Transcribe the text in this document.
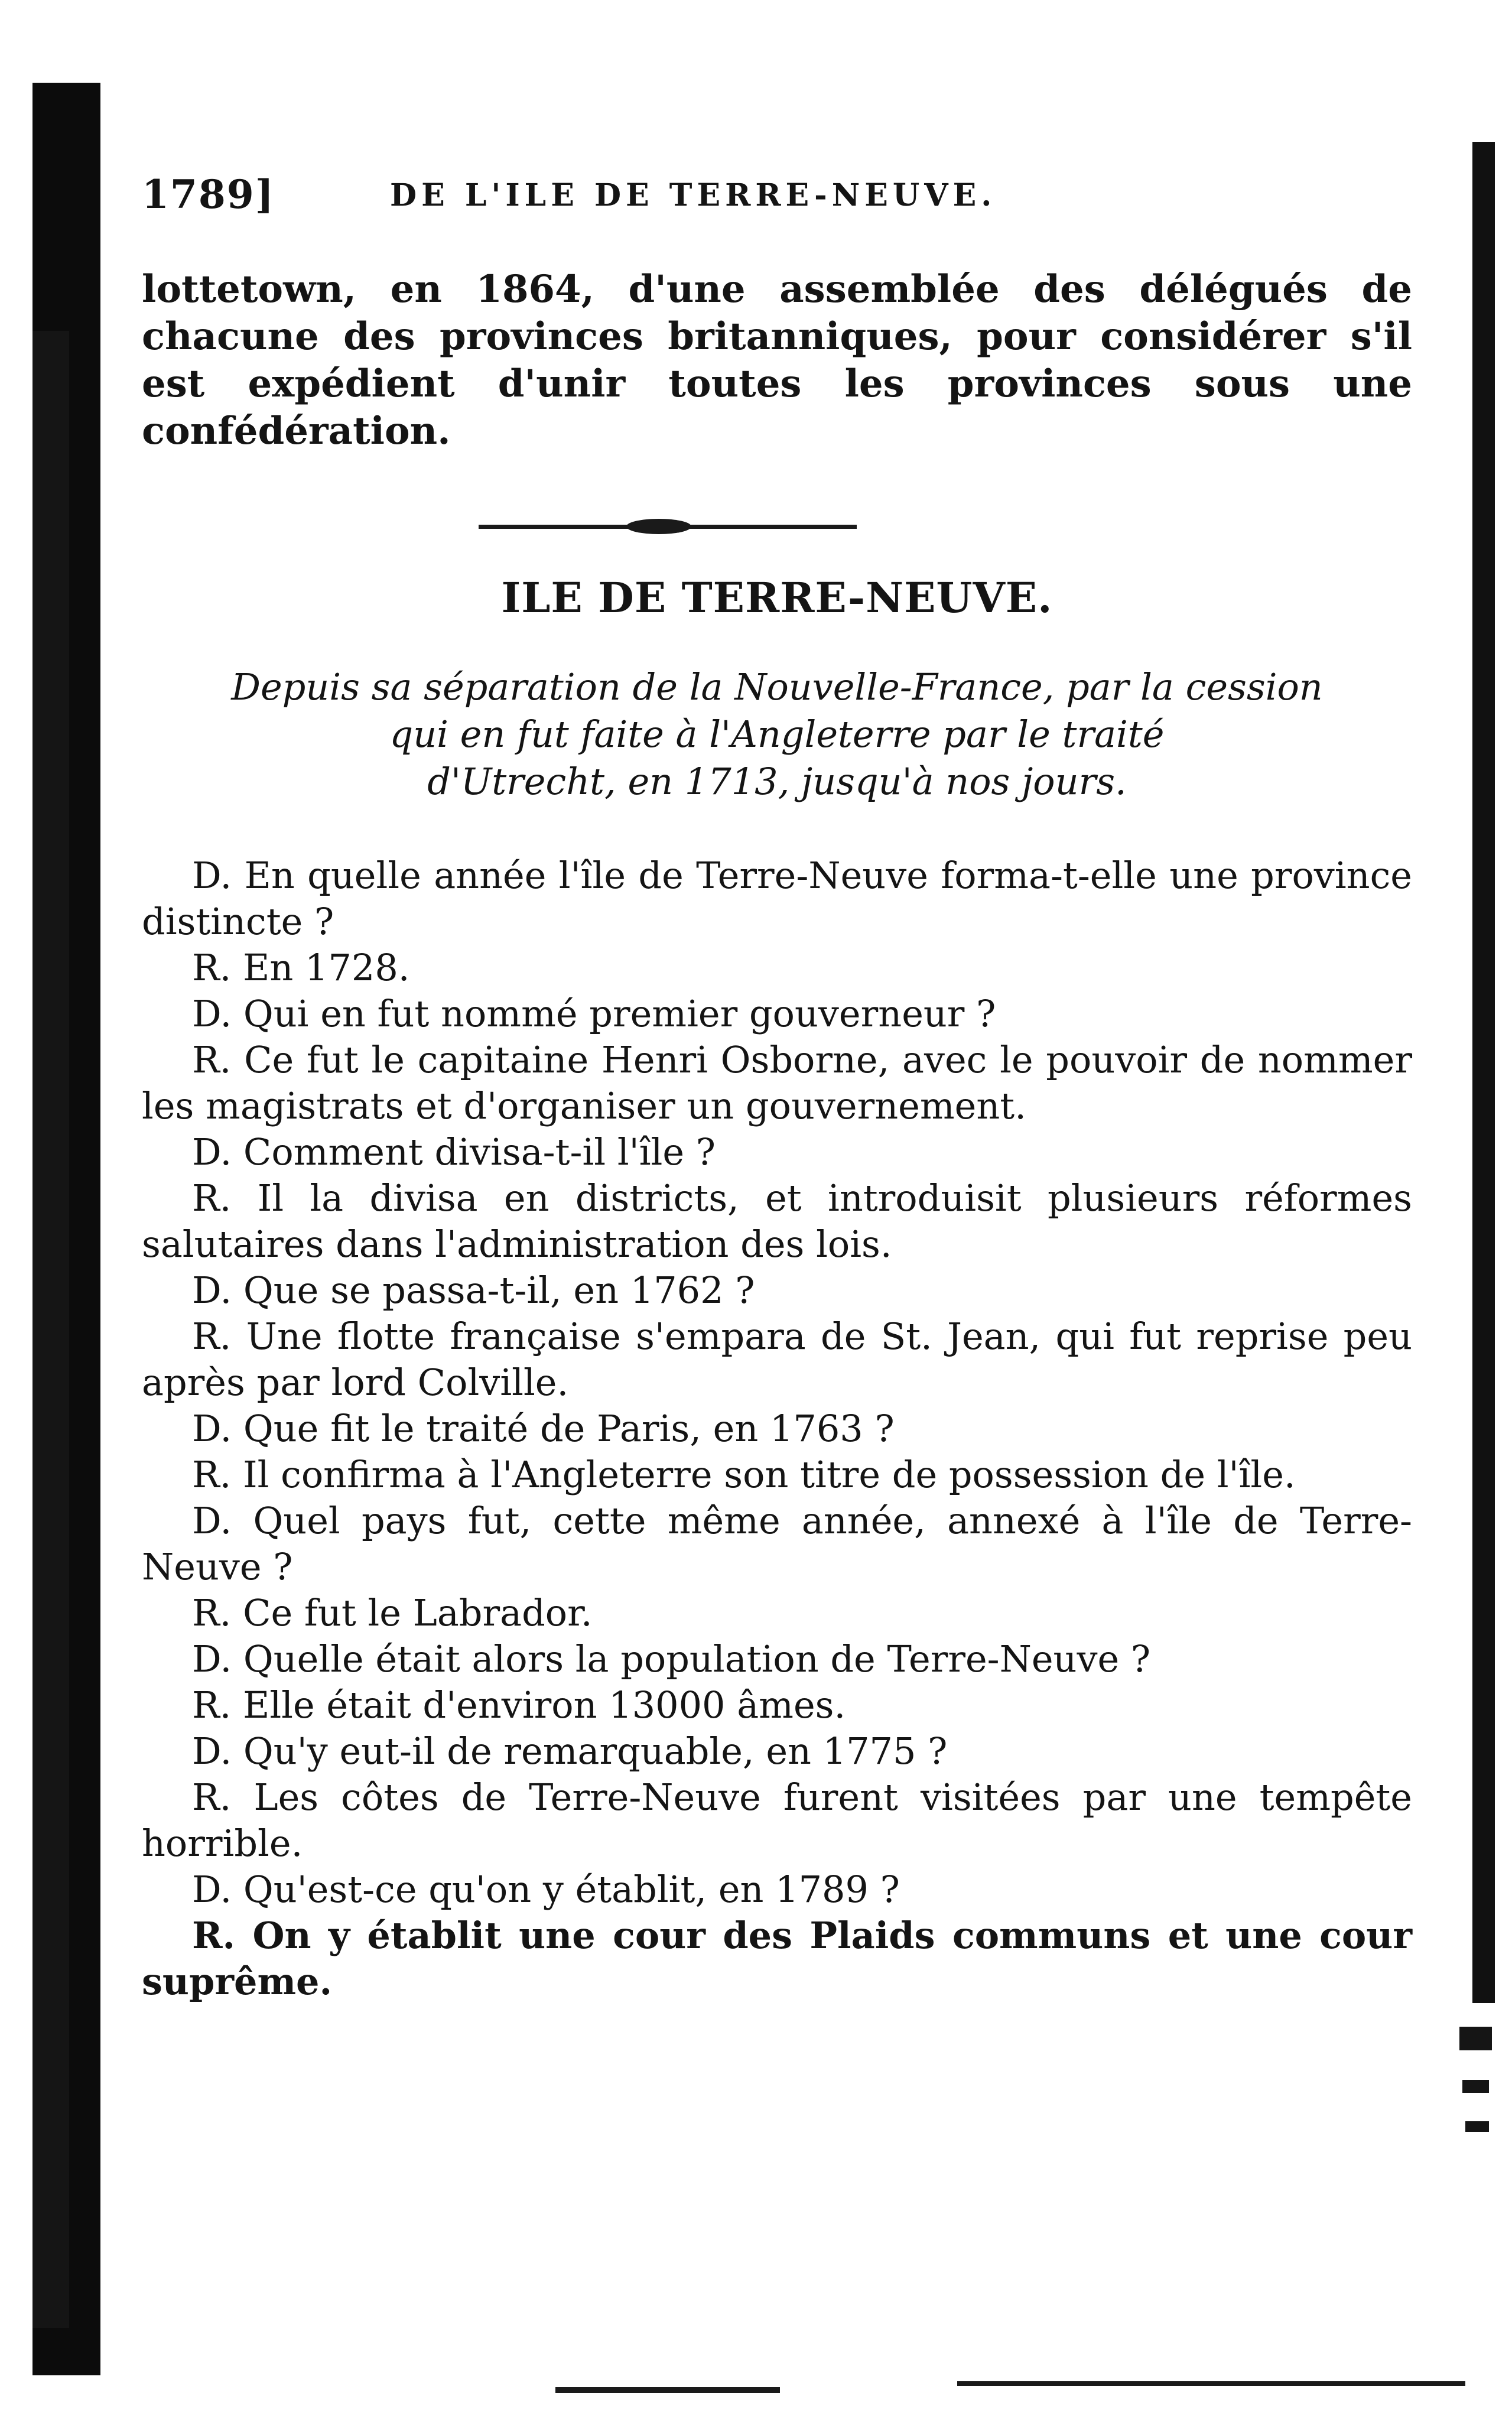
1789]	DE L'ILE DE TERRE-NEUVE.

lottetown, en 1864, d'une assemblée des délégués de chacune des provinces britanniques, pour considérer s'il est expédient d'unir toutes les provinces sous une confédération.

ILE DE TERRE-NEUVE.
Depuis sa séparation de la Nouvelle-France, par la cession
qui en fut faite à l'Angleterre par le traité
d'Utrecht, en 1713, jusqu'à nos jours.

D. En quelle année l'île de Terre-Neuve forma-t-elle une province distincte ?

R. En 1728.

D. Qui en fut nommé premier gouverneur ?

R. Ce fut le capitaine Henri Osborne, avec le pouvoir de nommer les magistrats et d'organiser un gouvernement.

D. Comment divisa-t-il l'île ?

R. Il la divisa en districts, et introduisit plusieurs réformes salutaires dans l'administration des lois.

D. Que se passa-t-il, en 1762 ?

R. Une flotte française s'empara de St. Jean, qui fut reprise peu après par lord Colville.

D. Que fit le traité de Paris, en 1763 ?

R. Il confirma à l'Angleterre son titre de possession de l'île.

D. Quel pays fut, cette même année, annexé à l'île de Terre-Neuve ?

R. Ce fut le Labrador.

D. Quelle était alors la population de Terre-Neuve ?

R. Elle était d'environ 13000 âmes.

D. Qu'y eut-il de remarquable, en 1775 ?

R. Les côtes de Terre-Neuve furent visitées par une tempête horrible.

D. Qu'est-ce qu'on y établit, en 1789 ?

R. On y établit une cour des Plaids communs et une cour suprême.
